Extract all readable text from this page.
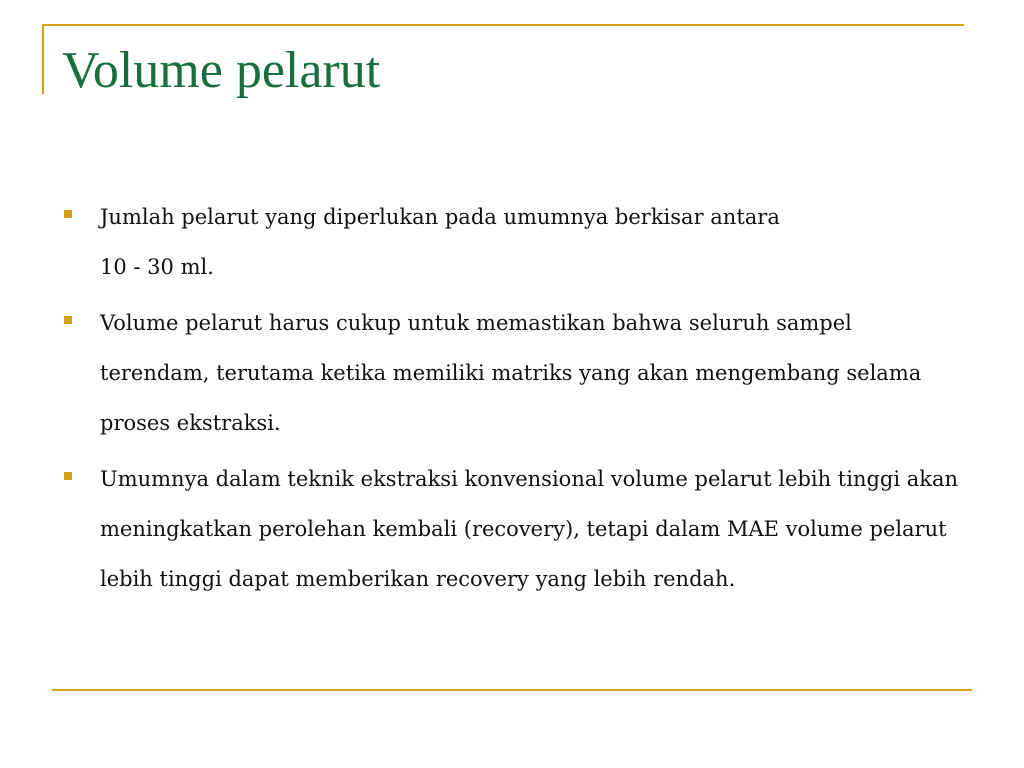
Volume pelarut
Jumlah pelarut yang diperlukan pada umumnya berkisar antara
10 - 30 ml.
Volume pelarut harus cukup untuk memastikan bahwa seluruh sampel terendam, terutama ketika memiliki matriks yang akan mengembang selama proses ekstraksi.
Umumnya dalam teknik ekstraksi konvensional volume pelarut lebih tinggi akan meningkatkan perolehan kembali (recovery), tetapi dalam MAE volume pelarut lebih tinggi dapat memberikan recovery yang lebih rendah.
